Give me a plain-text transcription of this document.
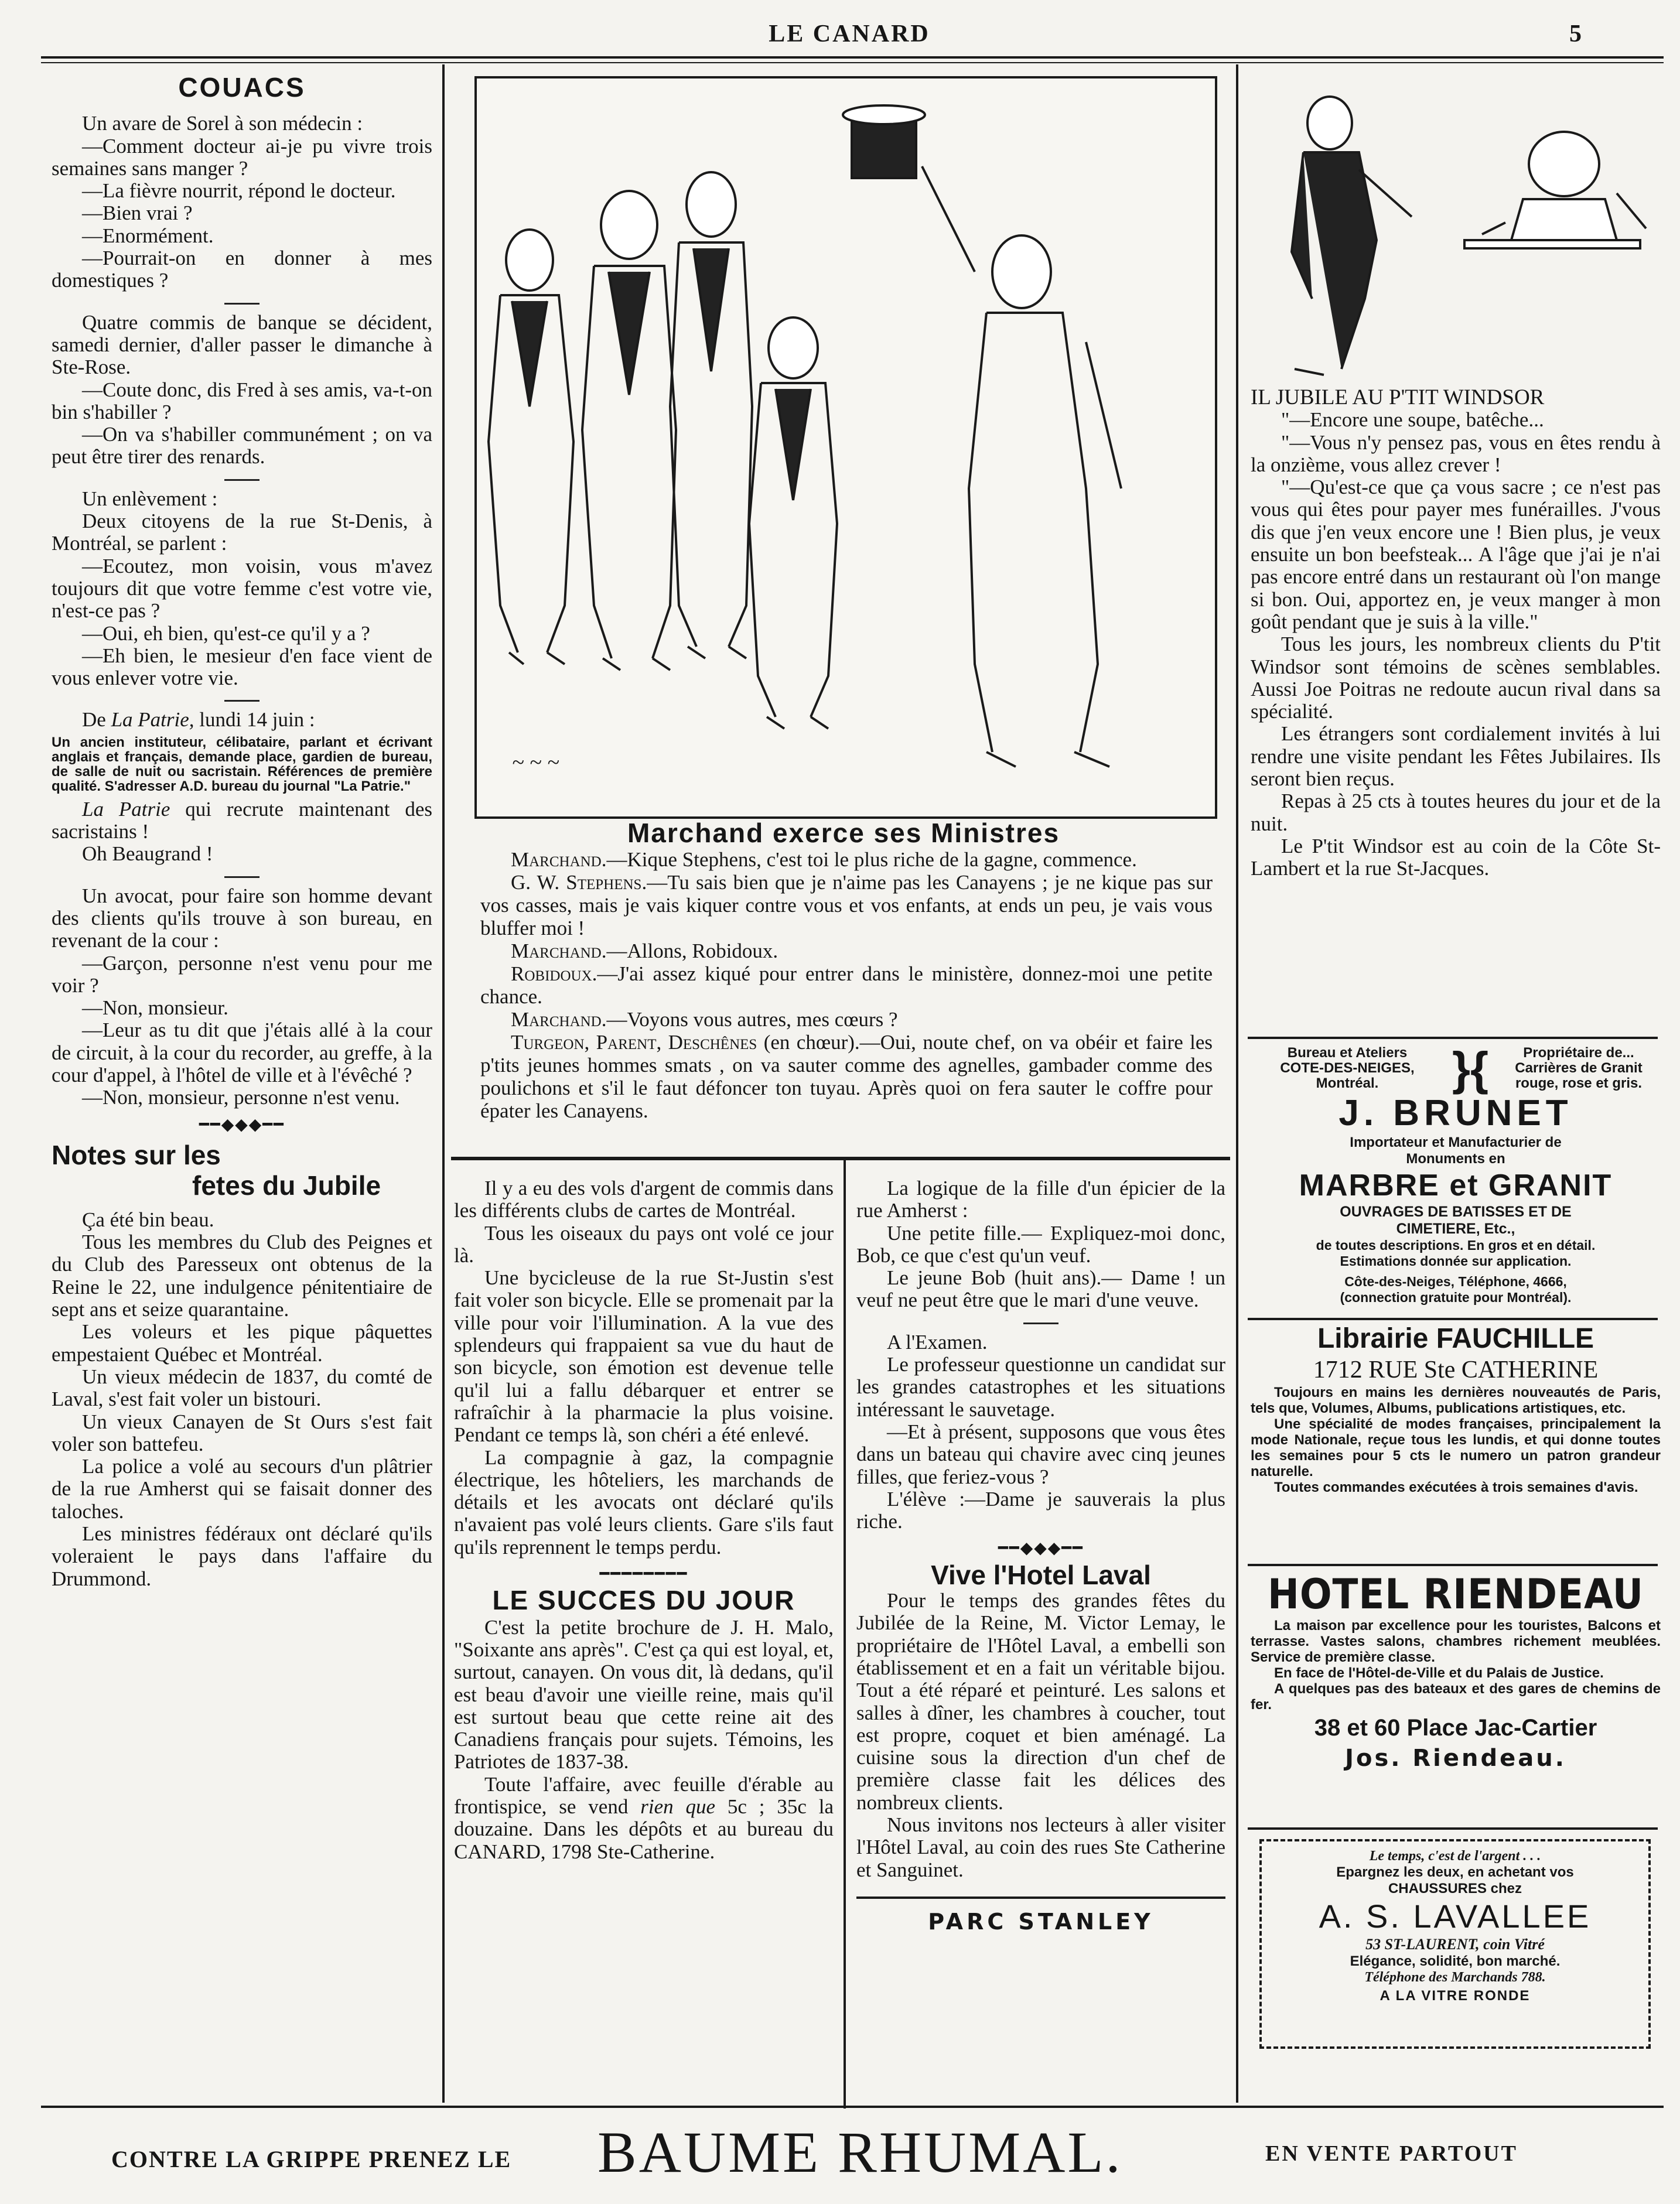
LE CANARD	5
COUACS

Un avare de Sorel à son médecin :

—Comment docteur ai-je pu vivre trois semaines sans manger ?

—La fièvre nourrit, répond le docteur.

—Bien vrai ?

—Enormément.

—Pourrait-on en donner à mes domestiques ?

Quatre commis de banque se décident, samedi dernier, d'aller passer le dimanche à Ste-Rose.

—Coute donc, dis Fred à ses amis, va-t-on bin s'habiller ?

—On va s'habiller communément ; on va peut être tirer des renards.

Un enlèvement :

Deux citoyens de la rue St-Denis, à Montréal, se parlent :

—Ecoutez, mon voisin, vous m'avez toujours dit que votre femme c'est votre vie, n'est-ce pas ?

—Oui, eh bien, qu'est-ce qu'il y a ?

—Eh bien, le mesieur d'en face vient de vous enlever votre vie.

De La Patrie, lundi 14 juin :

Un ancien instituteur, célibataire, parlant et écrivant anglais et français, demande place, gardien de bureau, de salle de nuit ou sacristain. Références de première qualité. S'adresser A.D. bureau du journal "La Patrie."

La Patrie qui recrute maintenant des sacristains !

Oh Beaugrand !

Un avocat, pour faire son homme devant des clients qu'ils trouve à son bureau, en revenant de la cour :

—Garçon, personne n'est venu pour me voir ?

—Non, monsieur.

—Leur as tu dit que j'étais allé à la cour de circuit, à la cour du recorder, au greffe, à la cour d'appel, à l'hôtel de ville et à l'évêché ?

—Non, monsieur, personne n'est venu.

━━◆◆◆━━
Notes sur les
fetes du Jubile

Ça été bin beau.

Tous les membres du Club des Peignes et du Club des Paresseux ont obtenus de la Reine le 22, une indulgence pénitentiaire de sept ans et seize quarantaine.

Les voleurs et les pique pâquettes empestaient Québec et Montréal.

Un vieux médecin de 1837, du comté de Laval, s'est fait voler un bistouri.

Un vieux Canayen de St Ours s'est fait voler son battefeu.

La police a volé au secours d'un plâtrier de la rue Amherst qui se faisait donner des taloches.

Les ministres fédéraux ont déclaré qu'ils voleraient le pays dans l'affaire du Drummond.

~ ~ ~
Marchand exerce ses Ministres

Marchand.—Kique Stephens, c'est toi le plus riche de la gagne, commence.

G. W. Stephens.—Tu sais bien que je n'aime pas les Canayens ; je ne kique pas sur vos casses, mais je vais kiquer contre vous et vos enfants, at ends un peu, je vais vous bluffer moi !

Marchand.—Allons, Robidoux.

Robidoux.—J'ai assez kiqué pour entrer dans le ministère, donnez-moi une petite chance.

Marchand.—Voyons vous autres, mes cœurs ?

Turgeon, Parent, Deschênes (en chœur).—Oui, noute chef, on va obéir et faire les p'tits jeunes hommes smats , on va sauter comme des agnelles, gambader comme des poulichons et s'il le faut défoncer ton tuyau. Après quoi on fera sauter le coffre pour épater les Canayens.

Il y a eu des vols d'argent de commis dans les différents clubs de cartes de Montréal.

Tous les oiseaux du pays ont volé ce jour là.

Une bycicleuse de la rue St-Justin s'est fait voler son bicycle. Elle se promenait par la ville pour voir l'illumination. A la vue des splendeurs qui frappaient sa vue du haut de son bicycle, son émotion est devenue telle qu'il lui a fallu débarquer et entrer se rafraîchir à la pharmacie la plus voisine. Pendant ce temps là, son chéri a été enlevé.

La compagnie à gaz, la compagnie électrique, les hôteliers, les marchands de détails et les avocats ont déclaré qu'ils n'avaient pas volé leurs clients. Gare s'ils faut qu'ils reprennent le temps perdu.

━━━━━━━━
LE SUCCES DU JOUR

C'est la petite brochure de J. H. Malo, "Soixante ans après". C'est ça qui est loyal, et, surtout, canayen. On vous dit, là dedans, qu'il est beau d'avoir une vieille reine, mais qu'il est surtout beau que cette reine ait des Canadiens français pour sujets. Témoins, les Patriotes de 1837-38.

Toute l'affaire, avec feuille d'érable au frontispice, se vend rien que 5c ; 35c la douzaine. Dans les dépôts et au bureau du CANARD, 1798 Ste-Catherine.

La logique de la fille d'un épicier de la rue Amherst :

Une petite fille.— Expliquez-moi donc, Bob, ce que c'est qu'un veuf.

Le jeune Bob (huit ans).— Dame ! un veuf ne peut être que le mari d'une veuve.

A l'Examen.

Le professeur questionne un candidat sur les grandes catastrophes et les situations intéressant le sauvetage.

—Et à présent, supposons que vous êtes dans un bateau qui chavire avec cinq jeunes filles, que feriez-vous ?

L'élève :—Dame je sauverais la plus riche.

━━◆◆◆━━
Vive l'Hotel Laval

Pour le temps des grandes fêtes du Jubilée de la Reine, M. Victor Lemay, le propriétaire de l'Hôtel Laval, a embelli son établissement et en a fait un véritable bijou. Tout a été réparé et peinturé. Les salons et salles à dîner, les chambres à coucher, tout est propre, coquet et bien aménagé. La cuisine sous la direction d'un chef de première classe fait les délices des nombreux clients.

Nous invitons nos lecteurs à aller visiter l'Hôtel Laval, au coin des rues Ste Catherine et Sanguinet.

PARC STANLEY
IL JUBILE AU P'TIT WINDSOR

"—Encore une soupe, batêche...

"—Vous n'y pensez pas, vous en êtes rendu à la onzième, vous allez crever !

"—Qu'est-ce que ça vous sacre ; ce n'est pas vous qui êtes pour payer mes funérailles. J'vous dis que j'en veux encore une ! Bien plus, je veux ensuite un bon beefsteak... A l'âge que j'ai je n'ai pas encore entré dans un restaurant où l'on mange si bon. Oui, apportez en, je veux manger à mon goût pendant que je suis à la ville."

Tous les jours, les nombreux clients du P'tit Windsor sont témoins de scènes semblables. Aussi Joe Poitras ne redoute aucun rival dans sa spécialité.

Les étrangers sont cordialement invités à lui rendre une visite pendant les Fêtes Jubilaires. Ils seront bien reçus.

Repas à 25 cts à toutes heures du jour et de la nuit.

Le P'tit Windsor est au coin de la Côte St-Lambert et la rue St-Jacques.

Bureau et Ateliers
COTE-DES-NEIGES,
Montréal.	}{	Propriétaire de...
Carrières de Granit
rouge, rose et gris.
J. BRUNET
Importateur et Manufacturier de
Monuments en
MARBRE et GRANIT
OUVRAGES DE BATISSES ET DE
CIMETIERE, Etc.,
de toutes descriptions. En gros et en détail.
Estimations donnée sur application.
Côte-des-Neiges, Téléphone, 4666,
(connection gratuite pour Montréal).
Librairie FAUCHILLE
1712 RUE Ste CATHERINE
Toujours en mains les dernières nouveautés de Paris, tels que, Volumes, Albums, publications artistiques, etc.
Une spécialité de modes françaises, principalement la mode Nationale, reçue tous les lundis, et qui donne toutes les semaines pour 5 cts le numero un patron grandeur naturelle.
Toutes commandes exécutées à trois semaines d'avis.
HOTEL RIENDEAU
La maison par excellence pour les touristes, Balcons et terrasse. Vastes salons, chambres richement meublées. Service de première classe.
En face de l'Hôtel-de-Ville et du Palais de Justice.
A quelques pas des bateaux et des gares de chemins de fer.
38 et 60 Place Jac-Cartier
Jos. Riendeau.
Le temps, c'est de l'argent . . .
Epargnez les deux, en achetant vos
CHAUSSURES chez
A. S. LAVALLEE
53 ST-LAURENT, coin Vitré
Elégance, solidité, bon marché.
Téléphone des Marchands 788.
A LA VITRE RONDE
CONTRE LA GRIPPE PRENEZ LE BAUME RHUMAL.	EN VENTE PARTOUT
